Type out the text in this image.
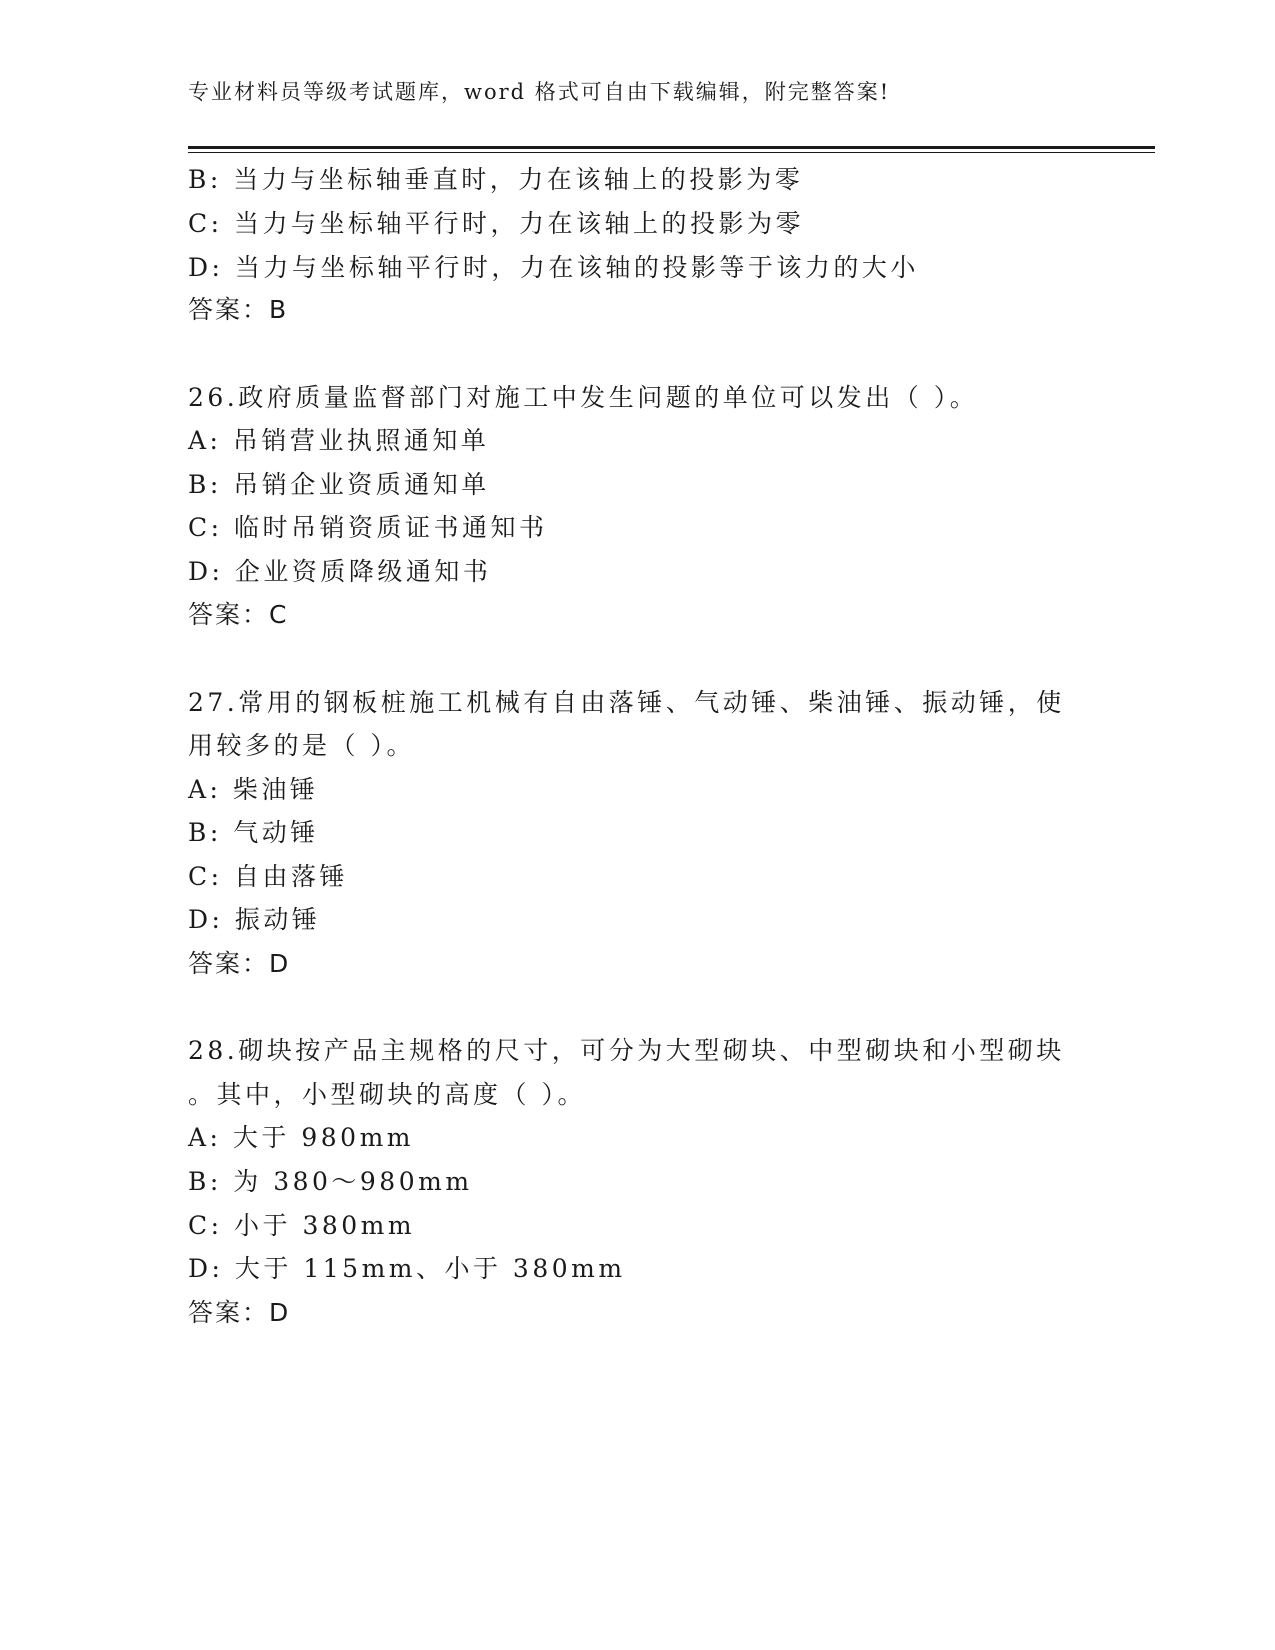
专业材料员等级考试题库，word 格式可自由下载编辑，附完整答案!
B: 当力与坐标轴垂直时，力在该轴上的投影为零
C: 当力与坐标轴平行时，力在该轴上的投影为零
D: 当力与坐标轴平行时，力在该轴的投影等于该力的大小
答案：B
26.政府质量监督部门对施工中发生问题的单位可以发出（ ）。
A: 吊销营业执照通知单
B: 吊销企业资质通知单
C: 临时吊销资质证书通知书
D: 企业资质降级通知书
答案：C
27.常用的钢板桩施工机械有自由落锤、气动锤、柴油锤、振动锤，使
用较多的是（ ）。
A: 柴油锤
B: 气动锤
C: 自由落锤
D: 振动锤
答案：D
28.砌块按产品主规格的尺寸，可分为大型砌块、中型砌块和小型砌块
。其中，小型砌块的高度（ ）。
A: 大于 980mm
B: 为 380～980mm
C: 小于 380mm
D: 大于 115mm、小于 380mm
答案：D
